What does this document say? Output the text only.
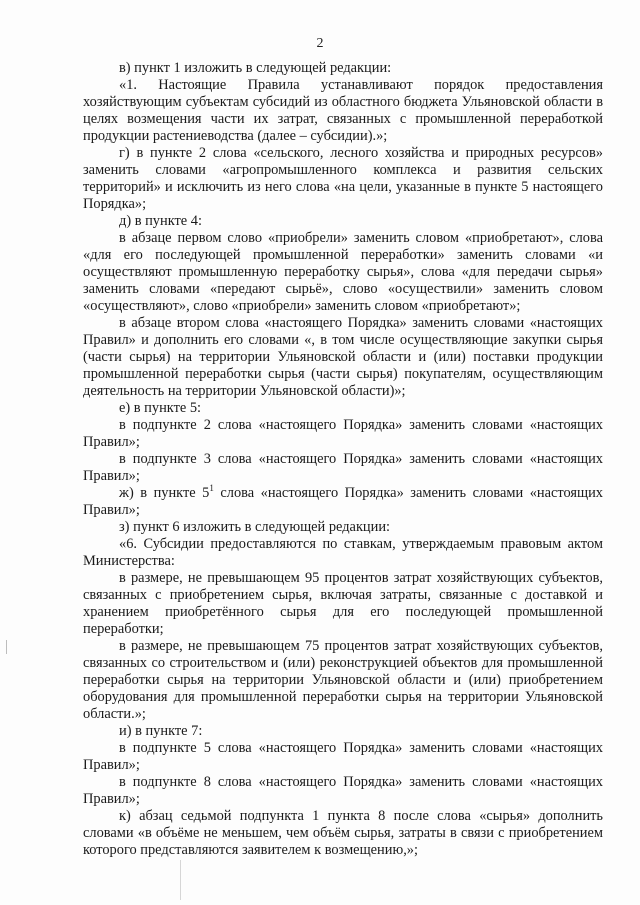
2

в) пункт 1 изложить в следующей редакции:

«1. Настоящие Правила устанавливают порядок предоставления хозяйствующим субъектам субсидий из областного бюджета Ульяновской области в целях возмещения части их затрат, связанных с промышленной переработкой продукции растениеводства (далее – субсидии).»;

г) в пункте 2 слова «сельского, лесного хозяйства и природных ресурсов» заменить словами «агропромышленного комплекса и развития сельских территорий» и исключить из него слова «на цели, указанные в пункте 5 настоящего Порядка»;

д) в пункте 4:

в абзаце первом слово «приобрели» заменить словом «приобретают», слова «для его последующей промышленной переработки» заменить словами «и осуществляют промышленную переработку сырья», слова «для передачи сырья» заменить словами «передают сырьё», слово «осуществили» заменить словом «осуществляют», слово «приобрели» заменить словом «приобретают»;

в абзаце втором слова «настоящего Порядка» заменить словами «настоящих Правил» и дополнить его словами «, в том числе осуществляющие закупки сырья (части сырья) на территории Ульяновской области и (или) поставки продукции промышленной переработки сырья (части сырья) покупателям, осуществляющим деятельность на территории Ульяновской области)»;

е) в пункте 5:

в подпункте 2 слова «настоящего Порядка» заменить словами «настоящих Правил»;

в подпункте 3 слова «настоящего Порядка» заменить словами «настоящих Правил»;

ж) в пункте $5^1$ слова «настоящего Порядка» заменить словами «настоящих Правил»;

з) пункт 6 изложить в следующей редакции:

«6. Субсидии предоставляются по ставкам, утверждаемым правовым актом Министерства:

в размере, не превышающем 95 процентов затрат хозяйствующих субъектов, связанных с приобретением сырья, включая затраты, связанные с доставкой и хранением приобретённого сырья для его последующей промышленной переработки;

в размере, не превышающем 75 процентов затрат хозяйствующих субъектов, связанных со строительством и (или) реконструкцией объектов для промышленной переработки сырья на территории Ульяновской области и (или) приобретением оборудования для промышленной переработки сырья на территории Ульяновской области.»;

и) в пункте 7:

в подпункте 5 слова «настоящего Порядка» заменить словами «настоящих Правил»;

в подпункте 8 слова «настоящего Порядка» заменить словами «настоящих Правил»;

к) абзац седьмой подпункта 1 пункта 8 после слова «сырья» дополнить словами «в объёме не меньшем, чем объём сырья, затраты в связи с приобретением которого представляются заявителем к возмещению,»;
